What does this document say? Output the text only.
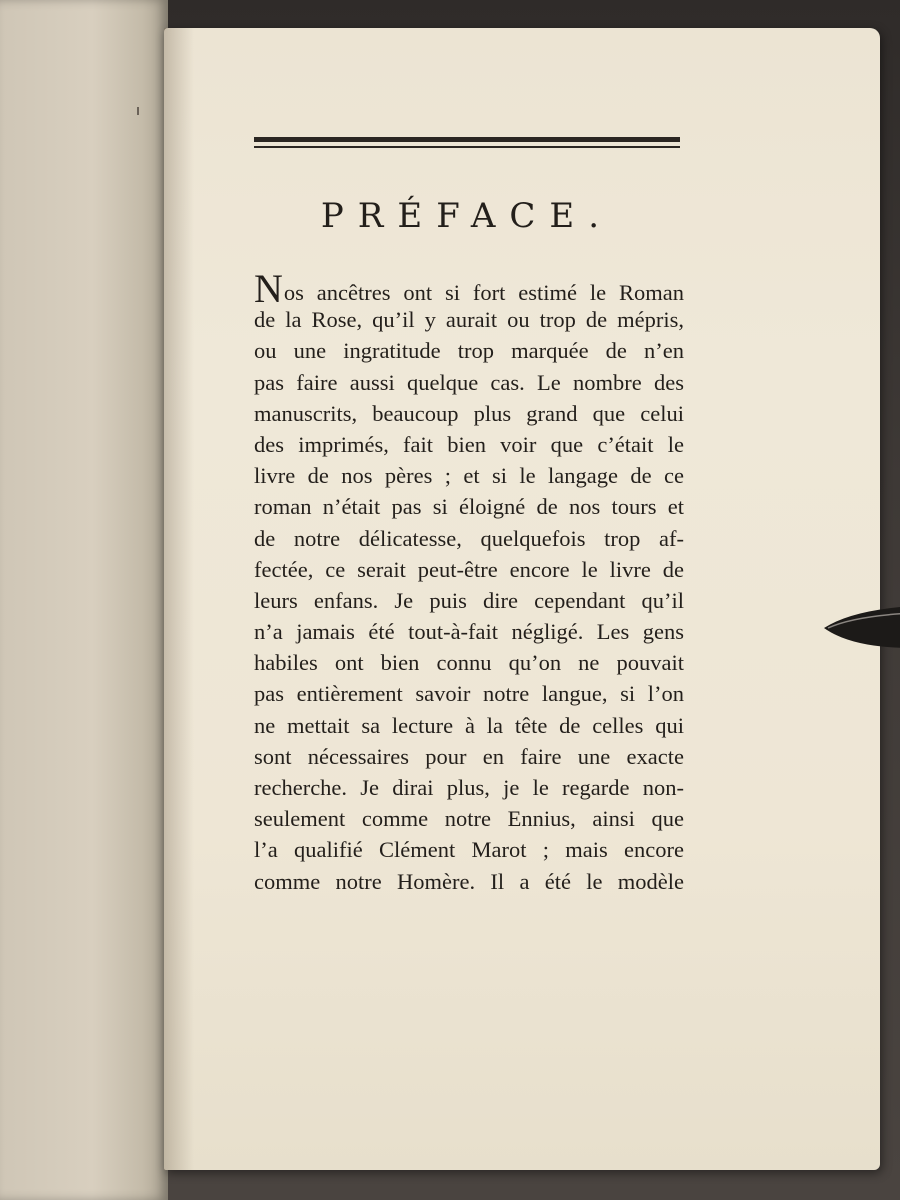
PRÉFACE.
Nos ancêtres ont si fort estimé le Roman
de la Rose, qu’il y aurait ou trop de mépris,
ou une ingratitude trop marquée de n’en
pas faire aussi quelque cas. Le nombre des
manuscrits, beaucoup plus grand que celui
des imprimés, fait bien voir que c’était le
livre de nos pères ; et si le langage de ce
roman n’était pas si éloigné de nos tours et
de notre délicatesse, quelquefois trop af-
fectée, ce serait peut-être encore le livre de
leurs enfans. Je puis dire cependant qu’il
n’a jamais été tout-à-fait négligé. Les gens
habiles ont bien connu qu’on ne pouvait
pas entièrement savoir notre langue, si l’on
ne mettait sa lecture à la tête de celles qui
sont nécessaires pour en faire une exacte
recherche. Je dirai plus, je le regarde non-
seulement comme notre Ennius, ainsi que
l’a qualifié Clément Marot ; mais encore
comme notre Homère. Il a été le modèle
